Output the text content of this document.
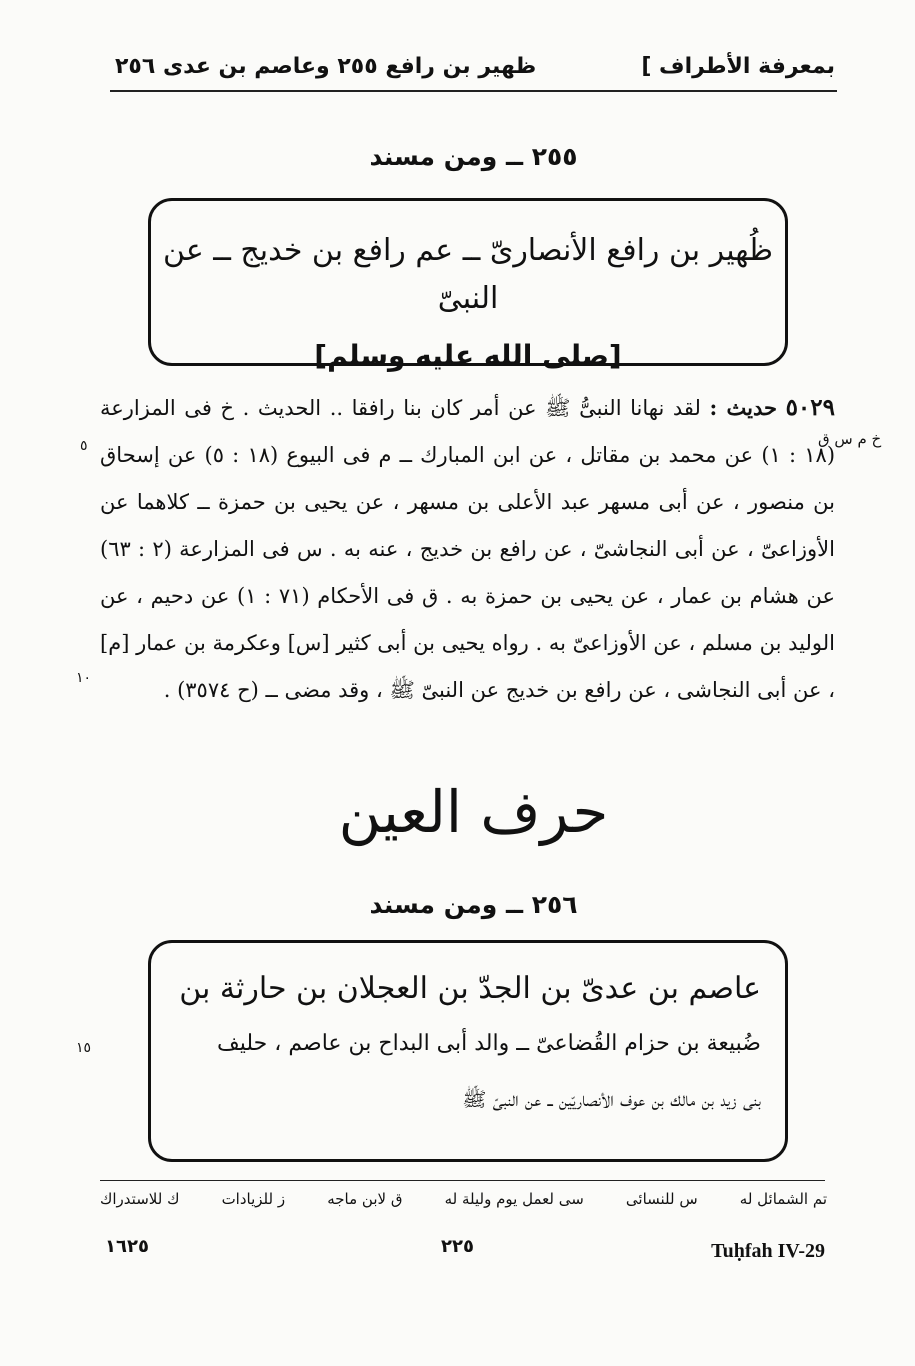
بمعرفة الأطراف ]
ظهير بن رافع ٢٥٥ وعاصم بن عدى ٢٥٦
٢٥٥ ــ ومن مسند
ظُهير بن رافع الأنصارىّ ــ عم رافع بن خديج ــ عن النبىّ
[صلى الله عليه وسلم]
٥٠٢٩ حديث : لقد نهانا النبىُّ ﷺ عن أمر كان بنا رافقا .. الحديث . خ فى المزارعة (١٨ : ١) عن محمد بن مقاتل ، عن ابن المبارك ــ م فى البيوع (١٨ : ٥) عن إسحاق بن منصور ، عن أبى مسهر عبد الأعلى بن مسهر ، عن يحيى بن حمزة ــ كلاهما عن الأوزاعىّ ، عن أبى النجاشىّ ، عن رافع بن خديج ، عنه به . س فى المزارعة (٢ : ٦٣) عن هشام بن عمار ، عن يحيى بن حمزة به . ق فى الأحكام (٧١ : ١) عن دحيم ، عن الوليد بن مسلم ، عن الأوزاعىّ به . رواه يحيى بن أبى كثير [س] وعكرمة بن عمار [م] ، عن أبى النجاشى ، عن رافع بن خديج عن النبىّ ﷺ ، وقد مضى ــ (ح ٣٥٧٤) .
خ م س ق
٥
١٠
١٥
حرف العين
٢٥٦ ــ ومن مسند
عاصم بن عدىّ بن الجدّ بن العجلان بن حارثة بن
ضُبيعة بن حزام القُضاعىّ ــ والد أبى البداح بن عاصم ، حليف
بنى زيد بن مالك بن عوف الأنصاريّين ــ عن النبىّ ﷺ
تم الشمائل له
س للنسائى
سى لعمل يوم وليلة له
ق لابن ماجه
ز للزيادات
ك للاستدراك
٢٢٥
١٦٢٥	Tuḥfah IV-29
